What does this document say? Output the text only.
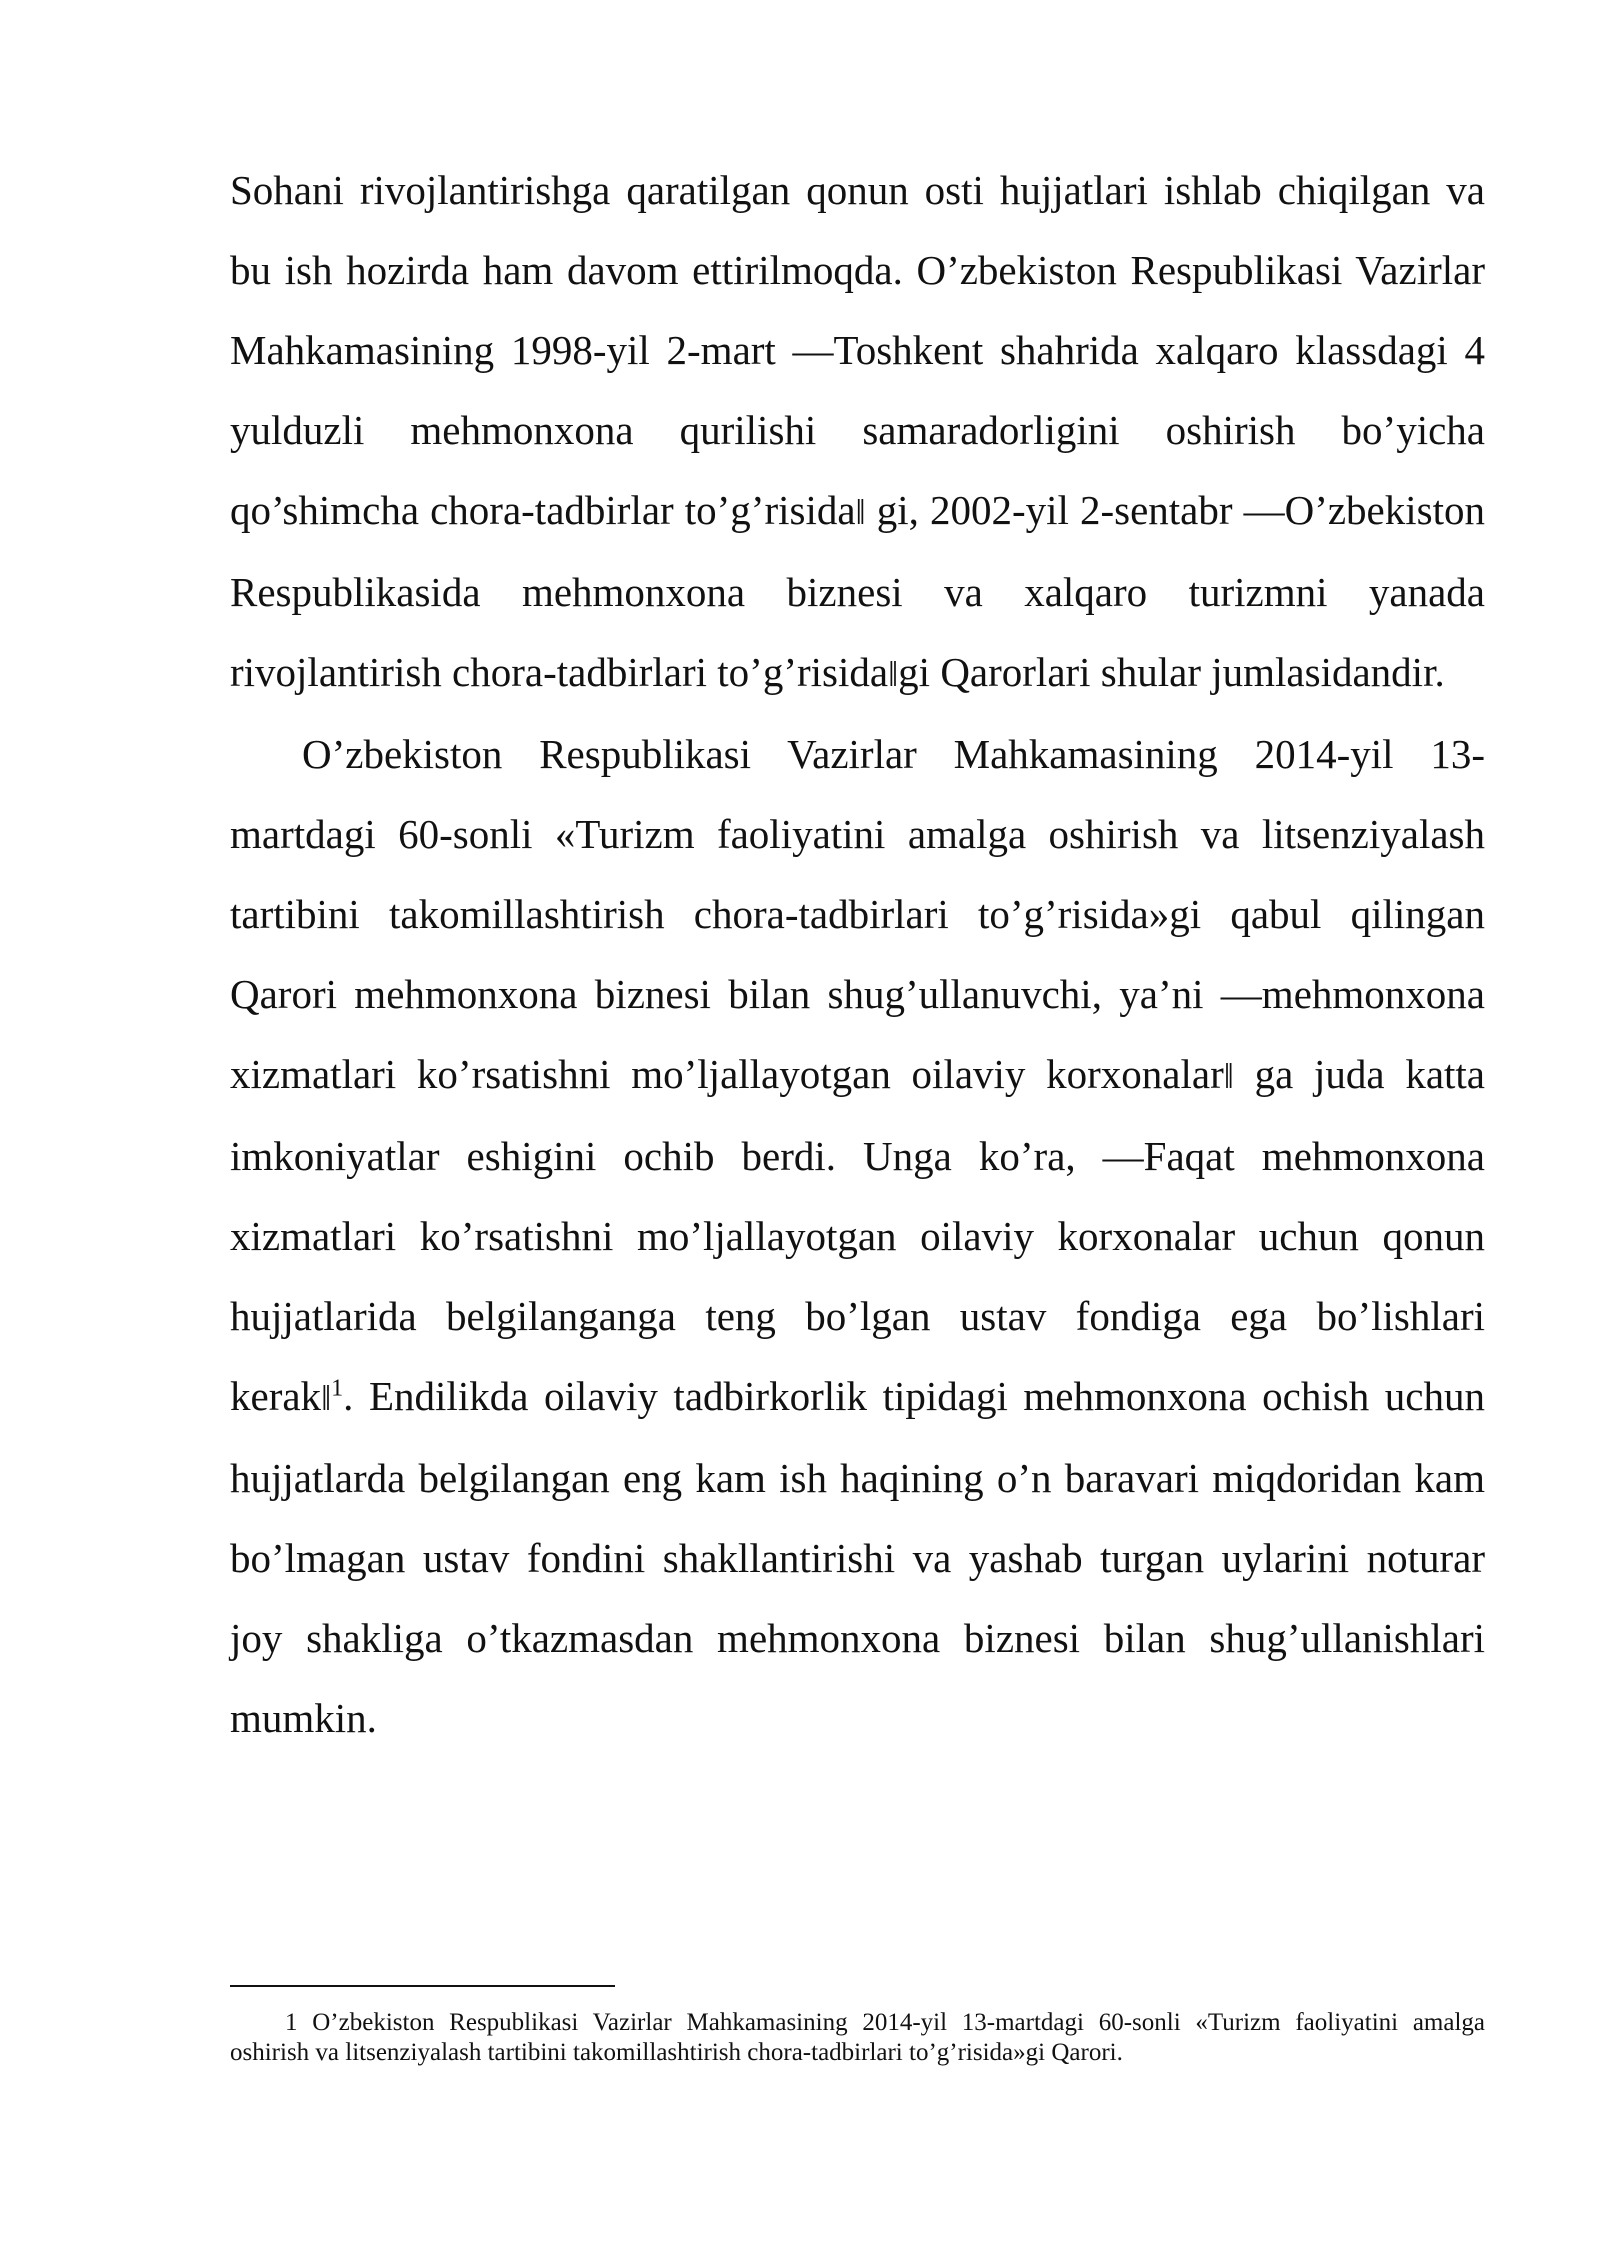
Sohani rivojlantirishga qaratilgan qonun osti hujjatlari ishlab chiqilgan va bu ish hozirda ham davom ettirilmoqda. O’zbekiston Respublikasi Vazirlar Mahkamasining 1998-yil 2-mart ―Toshkent shahrida xalqaro klassdagi 4 yulduzli mehmonxona qurilishi samaradorligini oshirish bo’yicha qo’shimcha chora-tadbirlar to’g’risida‖ gi, 2002-yil 2-sentabr ―O’zbekiston Respublikasida mehmonxona biznesi va xalqaro turizmni yanada rivojlantirish chora-tadbirlari to’g’risida‖gi Qarorlari shular jumlasidandir.

O’zbekiston Respublikasi Vazirlar Mahkamasining 2014-yil 13-martdagi 60-sonli «Turizm faoliyatini amalga oshirish va litsenziyalash tartibini takomillashtirish chora-tadbirlari to’g’risida»gi qabul qilingan Qarori mehmonxona biznesi bilan shug’ullanuvchi, ya’ni ―mehmonxona xizmatlari ko’rsatishni mo’ljallayotgan oilaviy korxonalar‖ ga juda katta imkoniyatlar eshigini ochib berdi. Unga ko’ra, ―Faqat mehmonxona xizmatlari ko’rsatishni mo’ljallayotgan oilaviy korxonalar uchun qonun hujjatlarida belgilanganga teng bo’lgan ustav fondiga ega bo’lishlari kerak‖$^1$. Endilikda oilaviy tadbirkorlik tipidagi mehmonxona ochish uchun hujjatlarda belgilangan eng kam ish haqining o’n baravari miqdoridan kam bo’lmagan ustav fondini shakllantirishi va yashab turgan uylarini noturar joy shakliga o’tkazmasdan mehmonxona biznesi bilan shug’ullanishlari mumkin.

1 O’zbekiston Respublikasi Vazirlar Mahkamasining 2014-yil 13-martdagi 60-sonli «Turizm faoliyatini amalga oshirish va litsenziyalash tartibini takomillashtirish chora-tadbirlari to’g’risida»gi Qarori.
